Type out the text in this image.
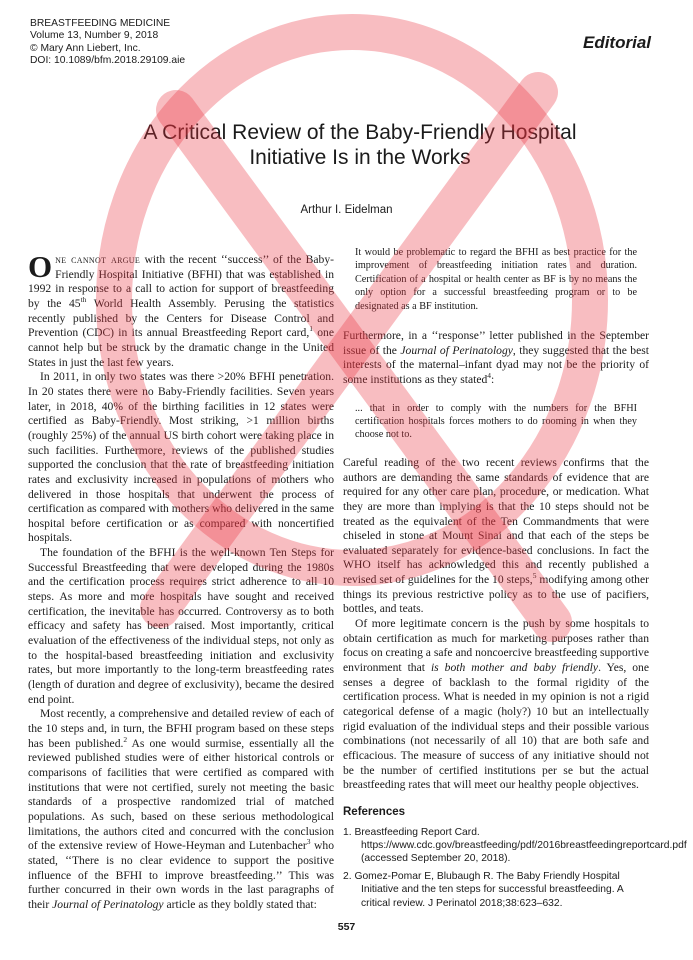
BREASTFEEDING MEDICINE
Volume 13, Number 9, 2018
© Mary Ann Liebert, Inc.
DOI: 10.1089/bfm.2018.29109.aie
Editorial
A Critical Review of the Baby-Friendly Hospital
Initiative Is in the Works
Arthur I. Eidelman

One cannot argue with the recent ‘‘success’’ of the Baby-Friendly Hospital Initiative (BFHI) that was established in 1992 in response to a call to action for support of breastfeeding by the 45th World Health Assembly. Perusing the statistics recently published by the Centers for Disease Control and Prevention (CDC) in its annual Breastfeeding Report card,$^1$ one cannot help but be struck by the dramatic change in the United States in just the last few years.

In 2011, in only two states was there >20% BFHI penetration. In 20 states there were no Baby-Friendly facilities. Seven years later, in 2018, 40% of the birthing facilities in 12 states were certified as Baby-Friendly. Most striking, >1 million births (roughly 25%) of the annual US birth cohort were taking place in such facilities. Furthermore, reviews of the published studies supported the conclusion that the rate of breastfeeding initiation rates and exclusivity increased in populations of mothers who delivered in those hospitals that underwent the process of certification as compared with mothers who delivered in the same hospital before certification or as compared with noncertified hospitals.

The foundation of the BFHI is the well-known Ten Steps for Successful Breastfeeding that were developed during the 1980s and the certification process requires strict adherence to all 10 steps. As more and more hospitals have sought and received certification, the inevitable has occurred. Controversy as to both efficacy and safety has been raised. Most importantly, critical evaluation of the effectiveness of the individual steps, not only as to the hospital-based breastfeeding initiation and exclusivity rates, but more importantly to the long-term breastfeeding rates (length of duration and degree of exclusivity), became the desired end point.

Most recently, a comprehensive and detailed review of each of the 10 steps and, in turn, the BFHI program based on these steps has been published.$^2$ As one would surmise, essentially all the reviewed published studies were of either historical controls or comparisons of facilities that were certified as compared with institutions that were not certified, surely not meeting the basic standards of a prospective randomized trial of matched populations. As such, based on these serious methodological limitations, the authors cited and concurred with the conclusion of the extensive review of Howe-Heyman and Lutenbacher$^3$ who stated, ‘‘There is no clear evidence to support the positive influence of the BFHI to improve breastfeeding.’’ This was further concurred in their own words in the last paragraphs of their Journal of Perinatology article as they boldly stated that:

It would be problematic to regard the BFHI as best practice for the improvement of breastfeeding initiation rates and duration. Certification of a hospital or health center as BF is by no means the only option for a successful breastfeeding program or to be designated as a BF institution.

Furthermore, in a ‘‘response’’ letter published in the September issue of the Journal of Perinatology, they suggested that the best interests of the maternal–infant dyad may not be the priority of some institutions as they stated$^4$:

... that in order to comply with the numbers for the BFHI certification hospitals forces mothers to do rooming in when they choose not to.

Careful reading of the two recent reviews confirms that the authors are demanding the same standards of evidence that are required for any other care plan, procedure, or medication. What they are more than implying is that the 10 steps should not be treated as the equivalent of the Ten Commandments that were chiseled in stone at Mount Sinai and that each of the steps be evaluated separately for evidence-based conclusions. In fact the WHO itself has acknowledged this and recently published a revised set of guidelines for the 10 steps,$^5$ modifying among other things its previous restrictive policy as to the use of pacifiers, bottles, and teats.

Of more legitimate concern is the push by some hospitals to obtain certification as much for marketing purposes rather than focus on creating a safe and noncoercive breastfeeding supportive environment that is both mother and baby friendly. Yes, one senses a degree of backlash to the formal rigidity of the certification process. What is needed in my opinion is not a rigid categorical defense of a magic (holy?) 10 but an intellectually rigid evaluation of the individual steps and their possible various combinations (not necessarily of all 10) that are both safe and efficacious. The measure of success of any initiative should not be the number of certified institutions per se but the actual breastfeeding rates that will meet our healthy people objectives.

References
1. Breastfeeding Report Card. https://www.cdc.gov/breastfeeding/pdf/2016breastfeedingreportcard.pdf (accessed September 20, 2018).
2. Gomez-Pomar E, Blubaugh R. The Baby Friendly Hospital Initiative and the ten steps for successful breastfeeding. A critical review. J Perinatol 2018;38:623–632.
557
